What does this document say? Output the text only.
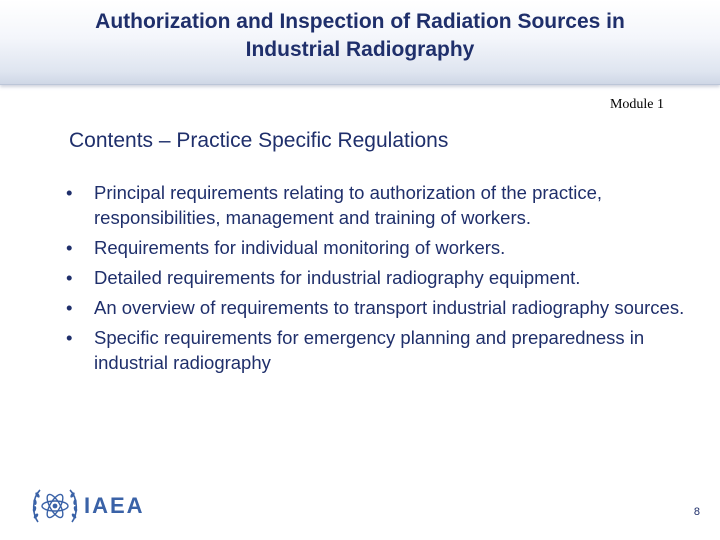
Authorization and Inspection of Radiation Sources in
Industrial Radiography
Module 1
Contents – Practice Specific Regulations
•	Principal requirements relating to authorization of the practice, responsibilities, management and training of workers.
•	Requirements for individual monitoring of workers.
•	Detailed requirements for industrial radiography equipment.
•	An overview of requirements to transport industrial radiography sources.
•	Specific requirements for emergency planning and preparedness in industrial radiography
IAEA	8
